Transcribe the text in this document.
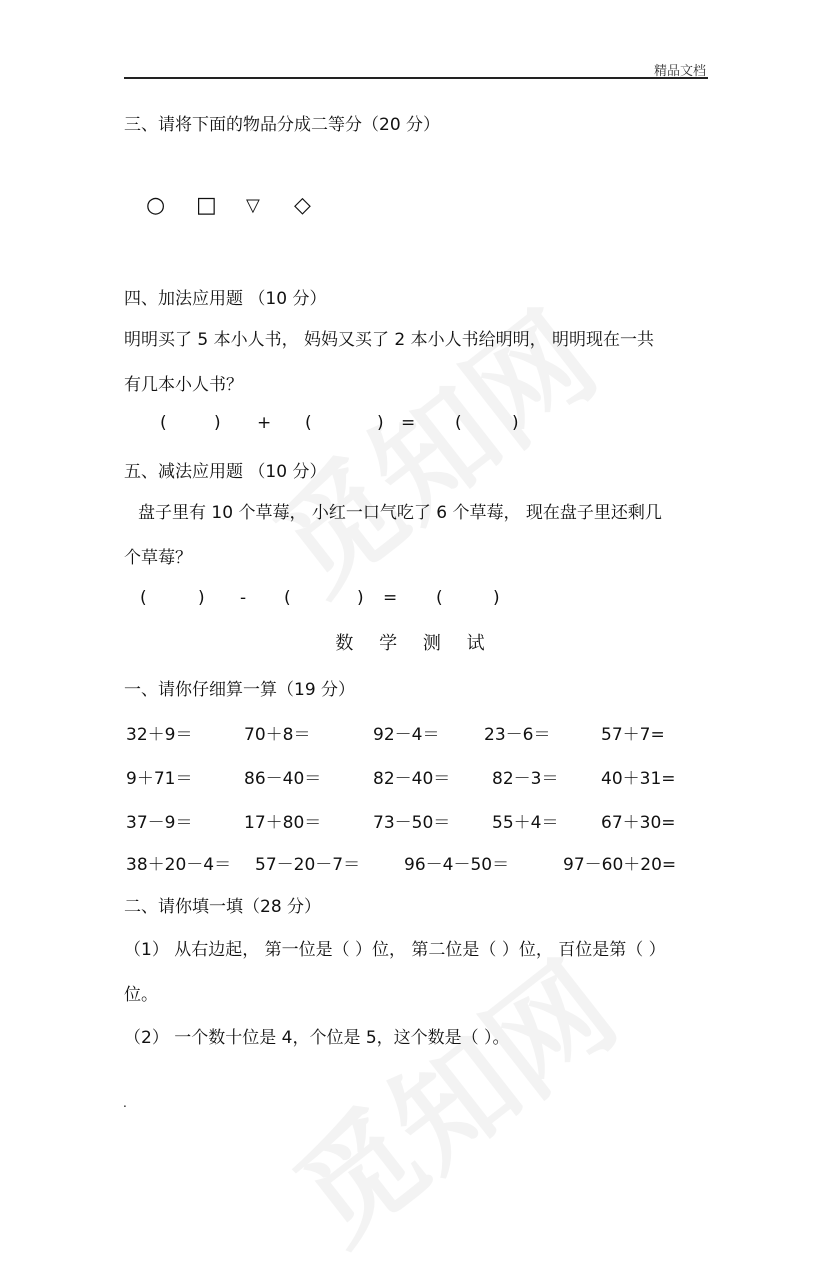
精品文档
三、请将下面的物品分成二等分（20 分）
○ □ ▽ ◇
四、加法应用题 （10 分）
明明买了 5 本小人书， 妈妈又买了 2 本小人书给明明， 明明现在一共
有几本小人书？
(	) + (	) = (	)
五、减法应用题 （10 分）
盘子里有 10 个草莓， 小红一口气吃了 6 个草莓， 现在盘子里还剩几
个草莓？
(	) - (	) = (	)
数 学 测 试
一、请你仔细算一算（19 分）
32＋9＝	70＋8＝	92－4＝	23－6＝	57＋7=
9＋71＝	86－40＝	82－40＝ 82－3＝	40＋31=
37－9＝	17＋80＝	73－50＝ 55＋4＝	67＋30=
38＋20－4＝ 57－20－7＝	96－4－50＝	97－60＋20=
二、请你填一填（28 分）
（1） 从右边起， 第一位是（ ）位， 第二位是（ ）位， 百位是第（ ）
位。
（2） 一个数十位是 4，个位是 5，这个数是（ ）。
.
